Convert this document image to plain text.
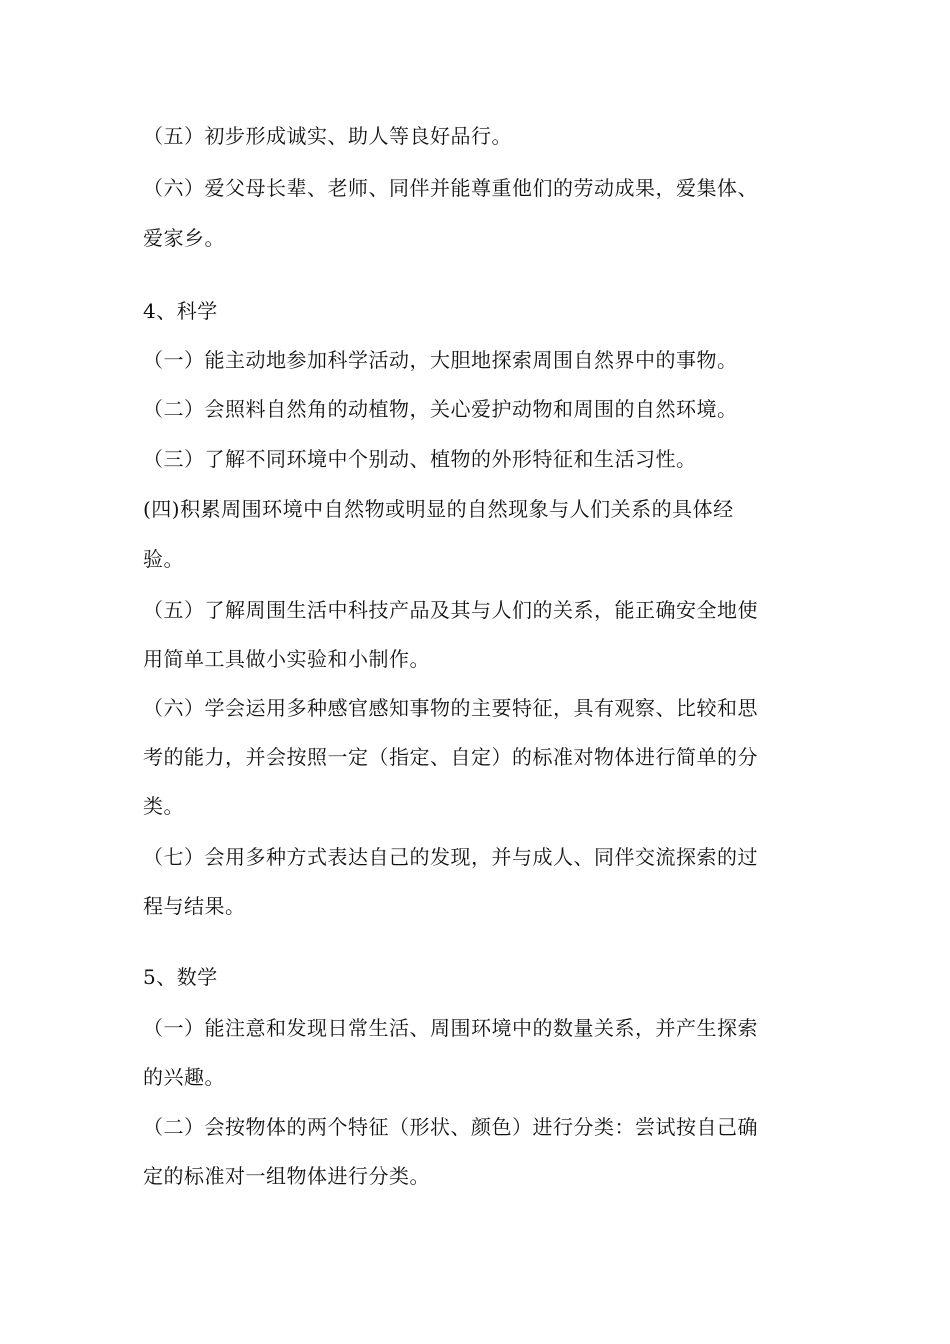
（五）初步形成诚实、助人等良好品行。
（六）爱父母长辈、老师、同伴并能尊重他们的劳动成果，爱集体、
爱家乡。
4、科学
（一）能主动地参加科学活动，大胆地探索周围自然界中的事物。
（二）会照料自然角的动植物，关心爱护动物和周围的自然环境。
（三）了解不同环境中个别动、植物的外形特征和生活习性。
(四)积累周围环境中自然物或明显的自然现象与人们关系的具体经
验。
（五）了解周围生活中科技产品及其与人们的关系，能正确安全地使
用简单工具做小实验和小制作。
（六）学会运用多种感官感知事物的主要特征，具有观察、比较和思
考的能力，并会按照一定（指定、自定）的标准对物体进行简单的分
类。
（七）会用多种方式表达自己的发现，并与成人、同伴交流探索的过
程与结果。
5、数学
（一）能注意和发现日常生活、周围环境中的数量关系，并产生探索
的兴趣。
（二）会按物体的两个特征（形状、颜色）进行分类：尝试按自己确
定的标准对一组物体进行分类。
